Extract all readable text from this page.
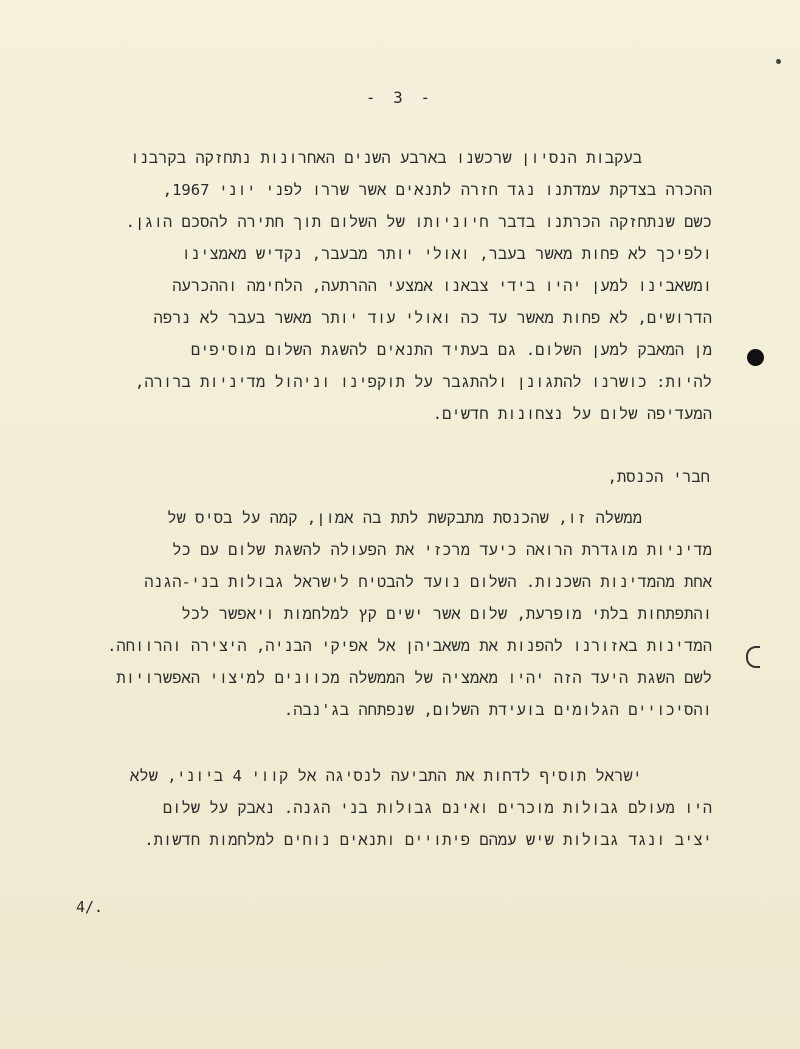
- 3 -
בעקבות הנסיון שרכשנו בארבע השנים האחרונות נתחזקה בקרבנו
ההכרה בצדקת עמדתנו נגד חזרה לתנאים אשר שררו לפני יוני 1967,
כשם שנתחזקה הכרתנו בדבר חיוניותו של השלום תוך חתירה להסכם הוגן.
ולפיכך לא פחות מאשר בעבר, ואולי יותר מבעבר, נקדיש מאמצינו
ומשאבינו למען יהיו בידי צבאנו אמצעי ההרתעה, הלחימה וההכרעה
הדרושים, לא פחות מאשר עד כה ואולי עוד יותר מאשר בעבר לא נרפה
מן המאבק למען השלום. גם בעתיד התנאים להשגת השלום מוסיפים
להיות: כושרנו להתגונן ולהתגבר על תוקפינו וניהול מדיניות ברורה,
המעדיפה שלום על נצחונות חדשים.
חברי הכנסת,
ממשלה זו, שהכנסת מתבקשת לתת בה אמון, קמה על בסיס של
מדיניות מוגדרת הרואה כיעד מרכזי את הפעולה להשגת שלום עם כל
אחת מהמדינות השכנות. השלום נועד להבטיח לישראל גבולות בני-הגנה
והתפתחות בלתי מופרעת, שלום אשר ישים קץ למלחמות ויאפשר לכל
המדינות באזורנו להפנות את משאביהן אל אפיקי הבניה, היצירה והרווחה.
לשם השגת היעד הזה יהיו מאמציה של הממשלה מכוונים למיצוי האפשרויות
והסיכויים הגלומים בועידת השלום, שנפתחה בג'נבה.
ישראל תוסיף לדחות את התביעה לנסיגה אל קווי 4 ביוני, שלא
היו מעולם גבולות מוכרים ואינם גבולות בני הגנה. נאבק על שלום
יציב ונגד גבולות שיש עמהם פיתויים ותנאים נוחים למלחמות חדשות.
4/.
